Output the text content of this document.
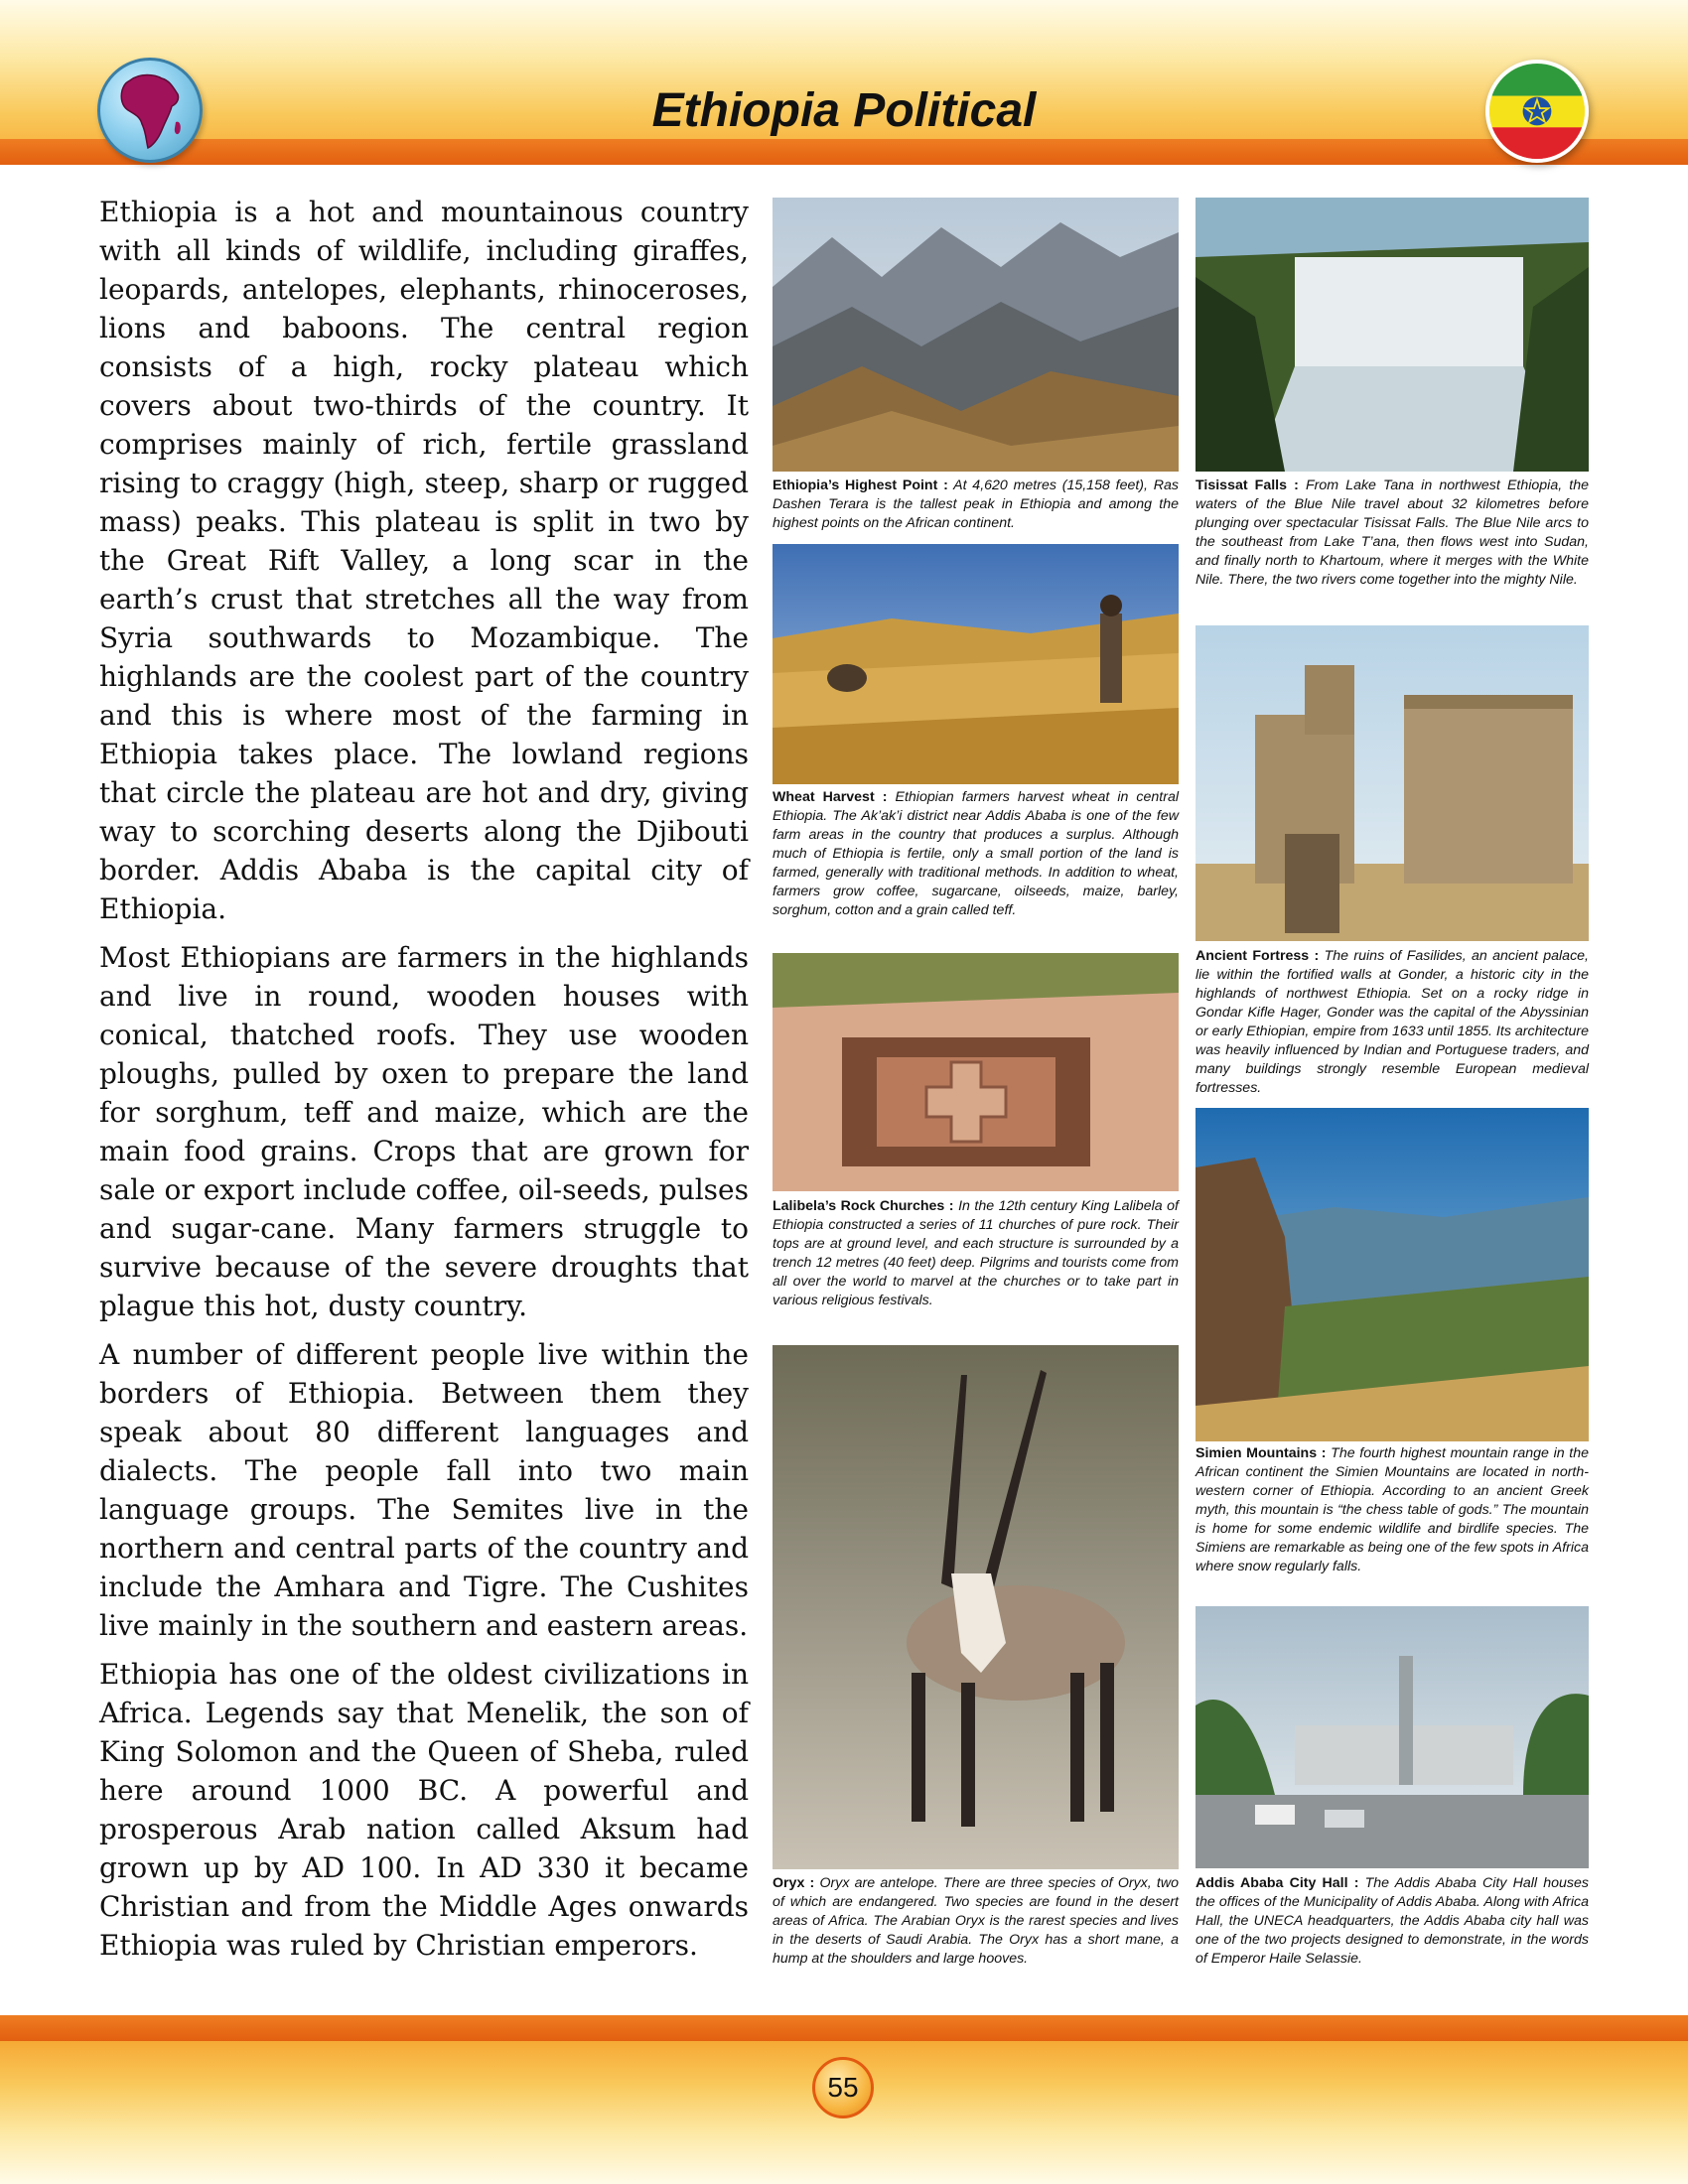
Ethiopia Political

Ethiopia is a hot and mountainous country with all kinds of wildlife, including giraffes, leopards, antelopes, elephants, rhinoceroses, lions and baboons. The central region consists of a high, rocky plateau which covers about two-thirds of the country. It comprises mainly of rich, fertile grassland rising to craggy (high, steep, sharp or rugged mass) peaks. This plateau is split in two by the Great Rift Valley, a long scar in the earth’s crust that stretches all the way from Syria southwards to Mozambique. The highlands are the coolest part of the country and this is where most of the farming in Ethiopia takes place. The lowland regions that circle the plateau are hot and dry, giving way to scorching deserts along the Djibouti border. Addis Ababa is the capital city of Ethiopia.

Most Ethiopians are farmers in the highlands and live in round, wooden houses with conical, thatched roofs. They use wooden ploughs, pulled by oxen to prepare the land for sorghum, teff and maize, which are the main food grains. Crops that are grown for sale or export include coffee, oil-seeds, pulses and sugar-cane. Many farmers struggle to survive because of the severe droughts that plague this hot, dusty country.

A number of different people live within the borders of Ethiopia. Between them they speak about 80 different languages and dialects. The people fall into two main language groups. The Semites live in the northern and central parts of the country and include the Amhara and Tigre. The Cushites live mainly in the southern and eastern areas.

Ethiopia has one of the oldest civilizations in Africa. Legends say that Menelik, the son of King Solomon and the Queen of Sheba, ruled here around 1000 BC. A powerful and prosperous Arab nation called Aksum had grown up by AD 100. In AD 330 it became Christian and from the Middle Ages onwards Ethiopia was ruled by Christian emperors.

Ethiopia’s Highest Point : At 4,620 metres (15,158 feet), Ras Dashen Terara is the tallest peak in Ethiopia and among the highest points on the African continent.
Wheat Harvest : Ethiopian farmers harvest wheat in central Ethiopia. The Ak’ak’i district near Addis Ababa is one of the few farm areas in the country that produces a surplus. Although much of Ethiopia is fertile, only a small portion of the land is farmed, generally with traditional methods. In addition to wheat, farmers grow coffee, sugarcane, oilseeds, maize, barley, sorghum, cotton and a grain called teff.
Lalibela’s Rock Churches : In the 12th century King Lalibela of Ethiopia constructed a series of 11 churches of pure rock. Their tops are at ground level, and each structure is surrounded by a trench 12 metres (40 feet) deep. Pilgrims and tourists come from all over the world to marvel at the churches or to take part in various religious festivals.
Oryx : Oryx are antelope. There are three species of Oryx, two of which are endangered. Two species are found in the desert areas of Africa. The Arabian Oryx is the rarest species and lives in the deserts of Saudi Arabia. The Oryx has a short mane, a hump at the shoulders and large hooves.
Tisissat Falls : From Lake Tana in northwest Ethiopia, the waters of the Blue Nile travel about 32 kilometres before plunging over spectacular Tisissat Falls. The Blue Nile arcs to the southeast from Lake T’ana, then flows west into Sudan, and finally north to Khartoum, where it merges with the White Nile. There, the two rivers come together into the mighty Nile.
Ancient Fortress : The ruins of Fasilides, an ancient palace, lie within the fortified walls at Gonder, a historic city in the highlands of northwest Ethiopia. Set on a rocky ridge in Gondar Kifle Hager, Gonder was the capital of the Abyssinian or early Ethiopian, empire from 1633 until 1855. Its architecture was heavily influenced by Indian and Portuguese traders, and many buildings strongly resemble European medieval fortresses.
Simien Mountains : The fourth highest mountain range in the African continent the Simien Mountains are located in north-western corner of Ethiopia. According to an ancient Greek myth, this mountain is “the chess table of gods.” The mountain is home for some endemic wildlife and birdlife species. The Simiens are remarkable as being one of the few spots in Africa where snow regularly falls.
Addis Ababa City Hall : The Addis Ababa City Hall houses the offices of the Municipality of Addis Ababa. Along with Africa Hall, the UNECA headquarters, the Addis Ababa city hall was one of the two projects designed to demonstrate, in the words of Emperor Haile Selassie.
55
